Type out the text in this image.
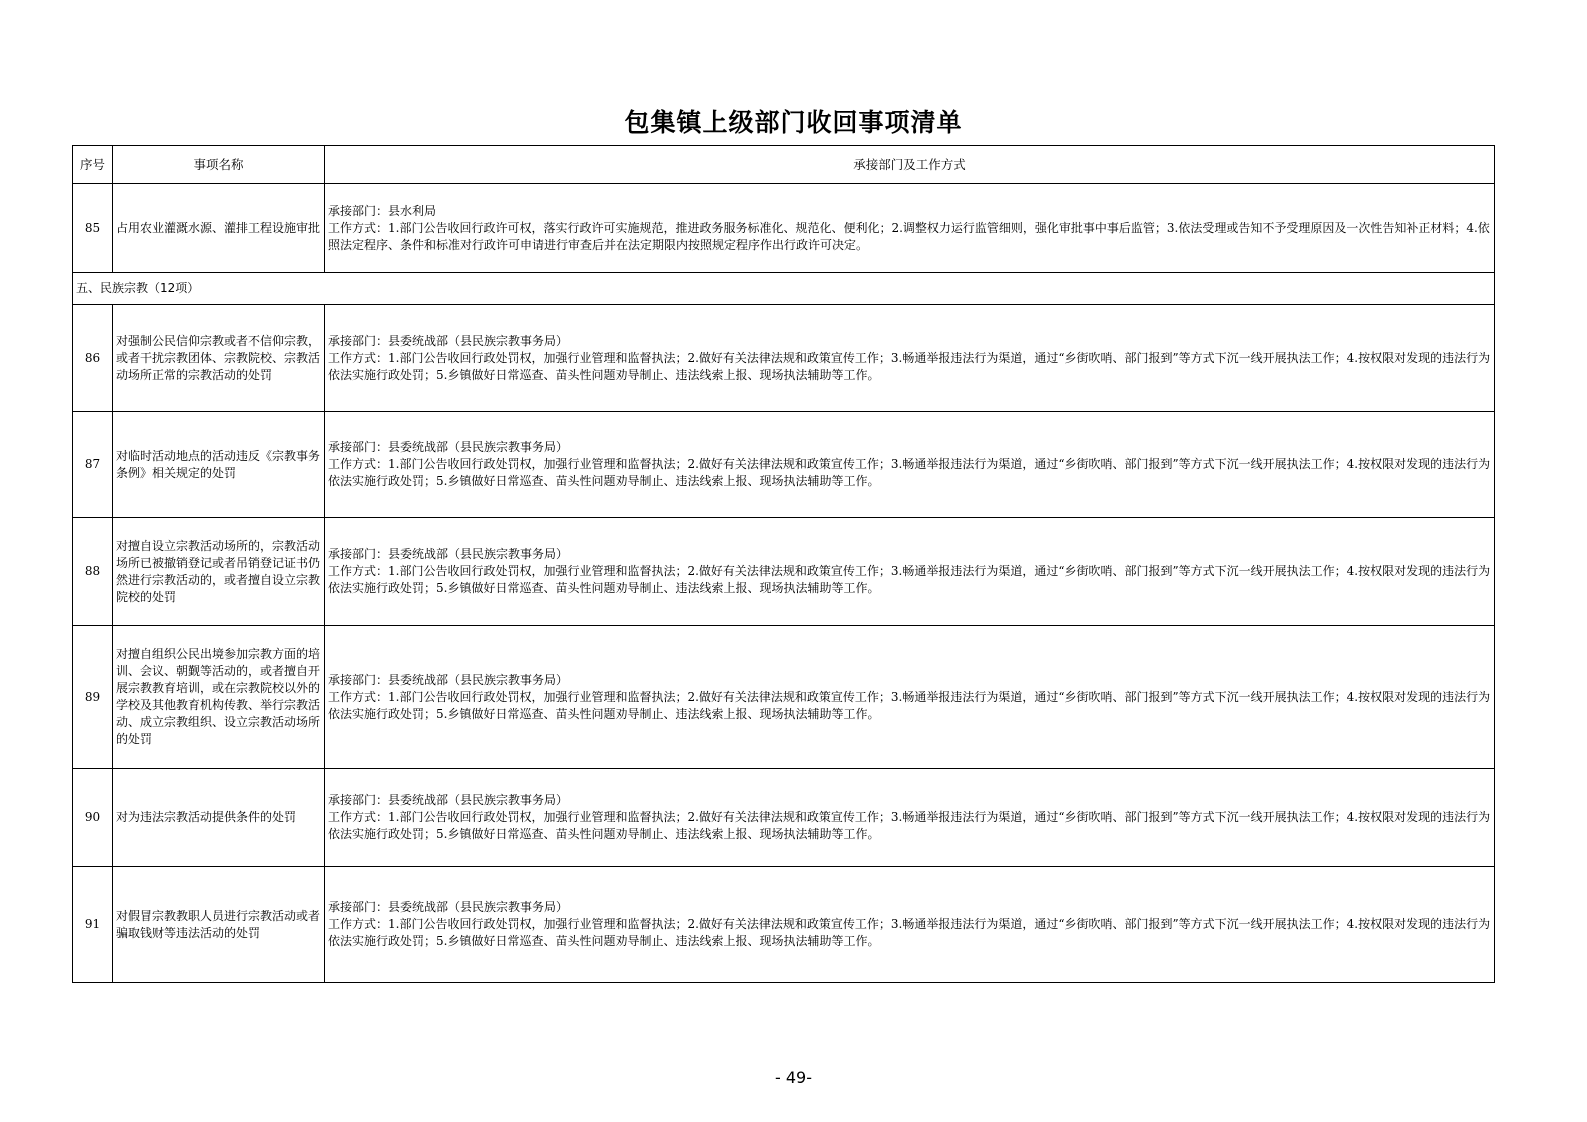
包集镇上级部门收回事项清单
序号	事项名称	承接部门及工作方式
85	占用农业灌溉水源、灌排工程设施审批	承接部门：县水利局
工作方式：1.部门公告收回行政许可权，落实行政许可实施规范，推进政务服务标准化、规范化、便利化；2.调整权力运行监管细则，强化审批事中事后监管；3.依法受理或告知不予受理原因及一次性告知补正材料；4.依照法定程序、条件和标准对行政许可申请进行审查后并在法定期限内按照规定程序作出行政许可决定。

五、民族宗教（12项）		
86	对强制公民信仰宗教或者不信仰宗教，或者干扰宗教团体、宗教院校、宗教活动场所正常的宗教活动的处罚	承接部门：县委统战部（县民族宗教事务局）
工作方式：1.部门公告收回行政处罚权，加强行业管理和监督执法；2.做好有关法律法规和政策宣传工作；3.畅通举报违法行为渠道，通过“乡街吹哨、部门报到”等方式下沉一线开展执法工作；4.按权限对发现的违法行为依法实施行政处罚；5.乡镇做好日常巡查、苗头性问题劝导制止、违法线索上报、现场执法辅助等工作。

87	对临时活动地点的活动违反《宗教事务条例》相关规定的处罚	承接部门：县委统战部（县民族宗教事务局）
工作方式：1.部门公告收回行政处罚权，加强行业管理和监督执法；2.做好有关法律法规和政策宣传工作；3.畅通举报违法行为渠道，通过“乡街吹哨、部门报到”等方式下沉一线开展执法工作；4.按权限对发现的违法行为依法实施行政处罚；5.乡镇做好日常巡查、苗头性问题劝导制止、违法线索上报、现场执法辅助等工作。

88	对擅自设立宗教活动场所的，宗教活动场所已被撤销登记或者吊销登记证书仍然进行宗教活动的，或者擅自设立宗教院校的处罚	承接部门：县委统战部（县民族宗教事务局）
工作方式：1.部门公告收回行政处罚权，加强行业管理和监督执法；2.做好有关法律法规和政策宣传工作；3.畅通举报违法行为渠道，通过“乡街吹哨、部门报到”等方式下沉一线开展执法工作；4.按权限对发现的违法行为依法实施行政处罚；5.乡镇做好日常巡查、苗头性问题劝导制止、违法线索上报、现场执法辅助等工作。

89	对擅自组织公民出境参加宗教方面的培训、会议、朝觐等活动的，或者擅自开展宗教教育培训，或在宗教院校以外的学校及其他教育机构传教、举行宗教活动、成立宗教组织、设立宗教活动场所的处罚	承接部门：县委统战部（县民族宗教事务局）
工作方式：1.部门公告收回行政处罚权，加强行业管理和监督执法；2.做好有关法律法规和政策宣传工作；3.畅通举报违法行为渠道，通过“乡街吹哨、部门报到”等方式下沉一线开展执法工作；4.按权限对发现的违法行为依法实施行政处罚；5.乡镇做好日常巡查、苗头性问题劝导制止、违法线索上报、现场执法辅助等工作。

90	对为违法宗教活动提供条件的处罚	承接部门：县委统战部（县民族宗教事务局）
工作方式：1.部门公告收回行政处罚权，加强行业管理和监督执法；2.做好有关法律法规和政策宣传工作；3.畅通举报违法行为渠道，通过“乡街吹哨、部门报到”等方式下沉一线开展执法工作；4.按权限对发现的违法行为依法实施行政处罚；5.乡镇做好日常巡查、苗头性问题劝导制止、违法线索上报、现场执法辅助等工作。

91	对假冒宗教教职人员进行宗教活动或者骗取钱财等违法活动的处罚	承接部门：县委统战部（县民族宗教事务局）
工作方式：1.部门公告收回行政处罚权，加强行业管理和监督执法；2.做好有关法律法规和政策宣传工作；3.畅通举报违法行为渠道，通过“乡街吹哨、部门报到”等方式下沉一线开展执法工作；4.按权限对发现的违法行为依法实施行政处罚；5.乡镇做好日常巡查、苗头性问题劝导制止、违法线索上报、现场执法辅助等工作。
- 49-
